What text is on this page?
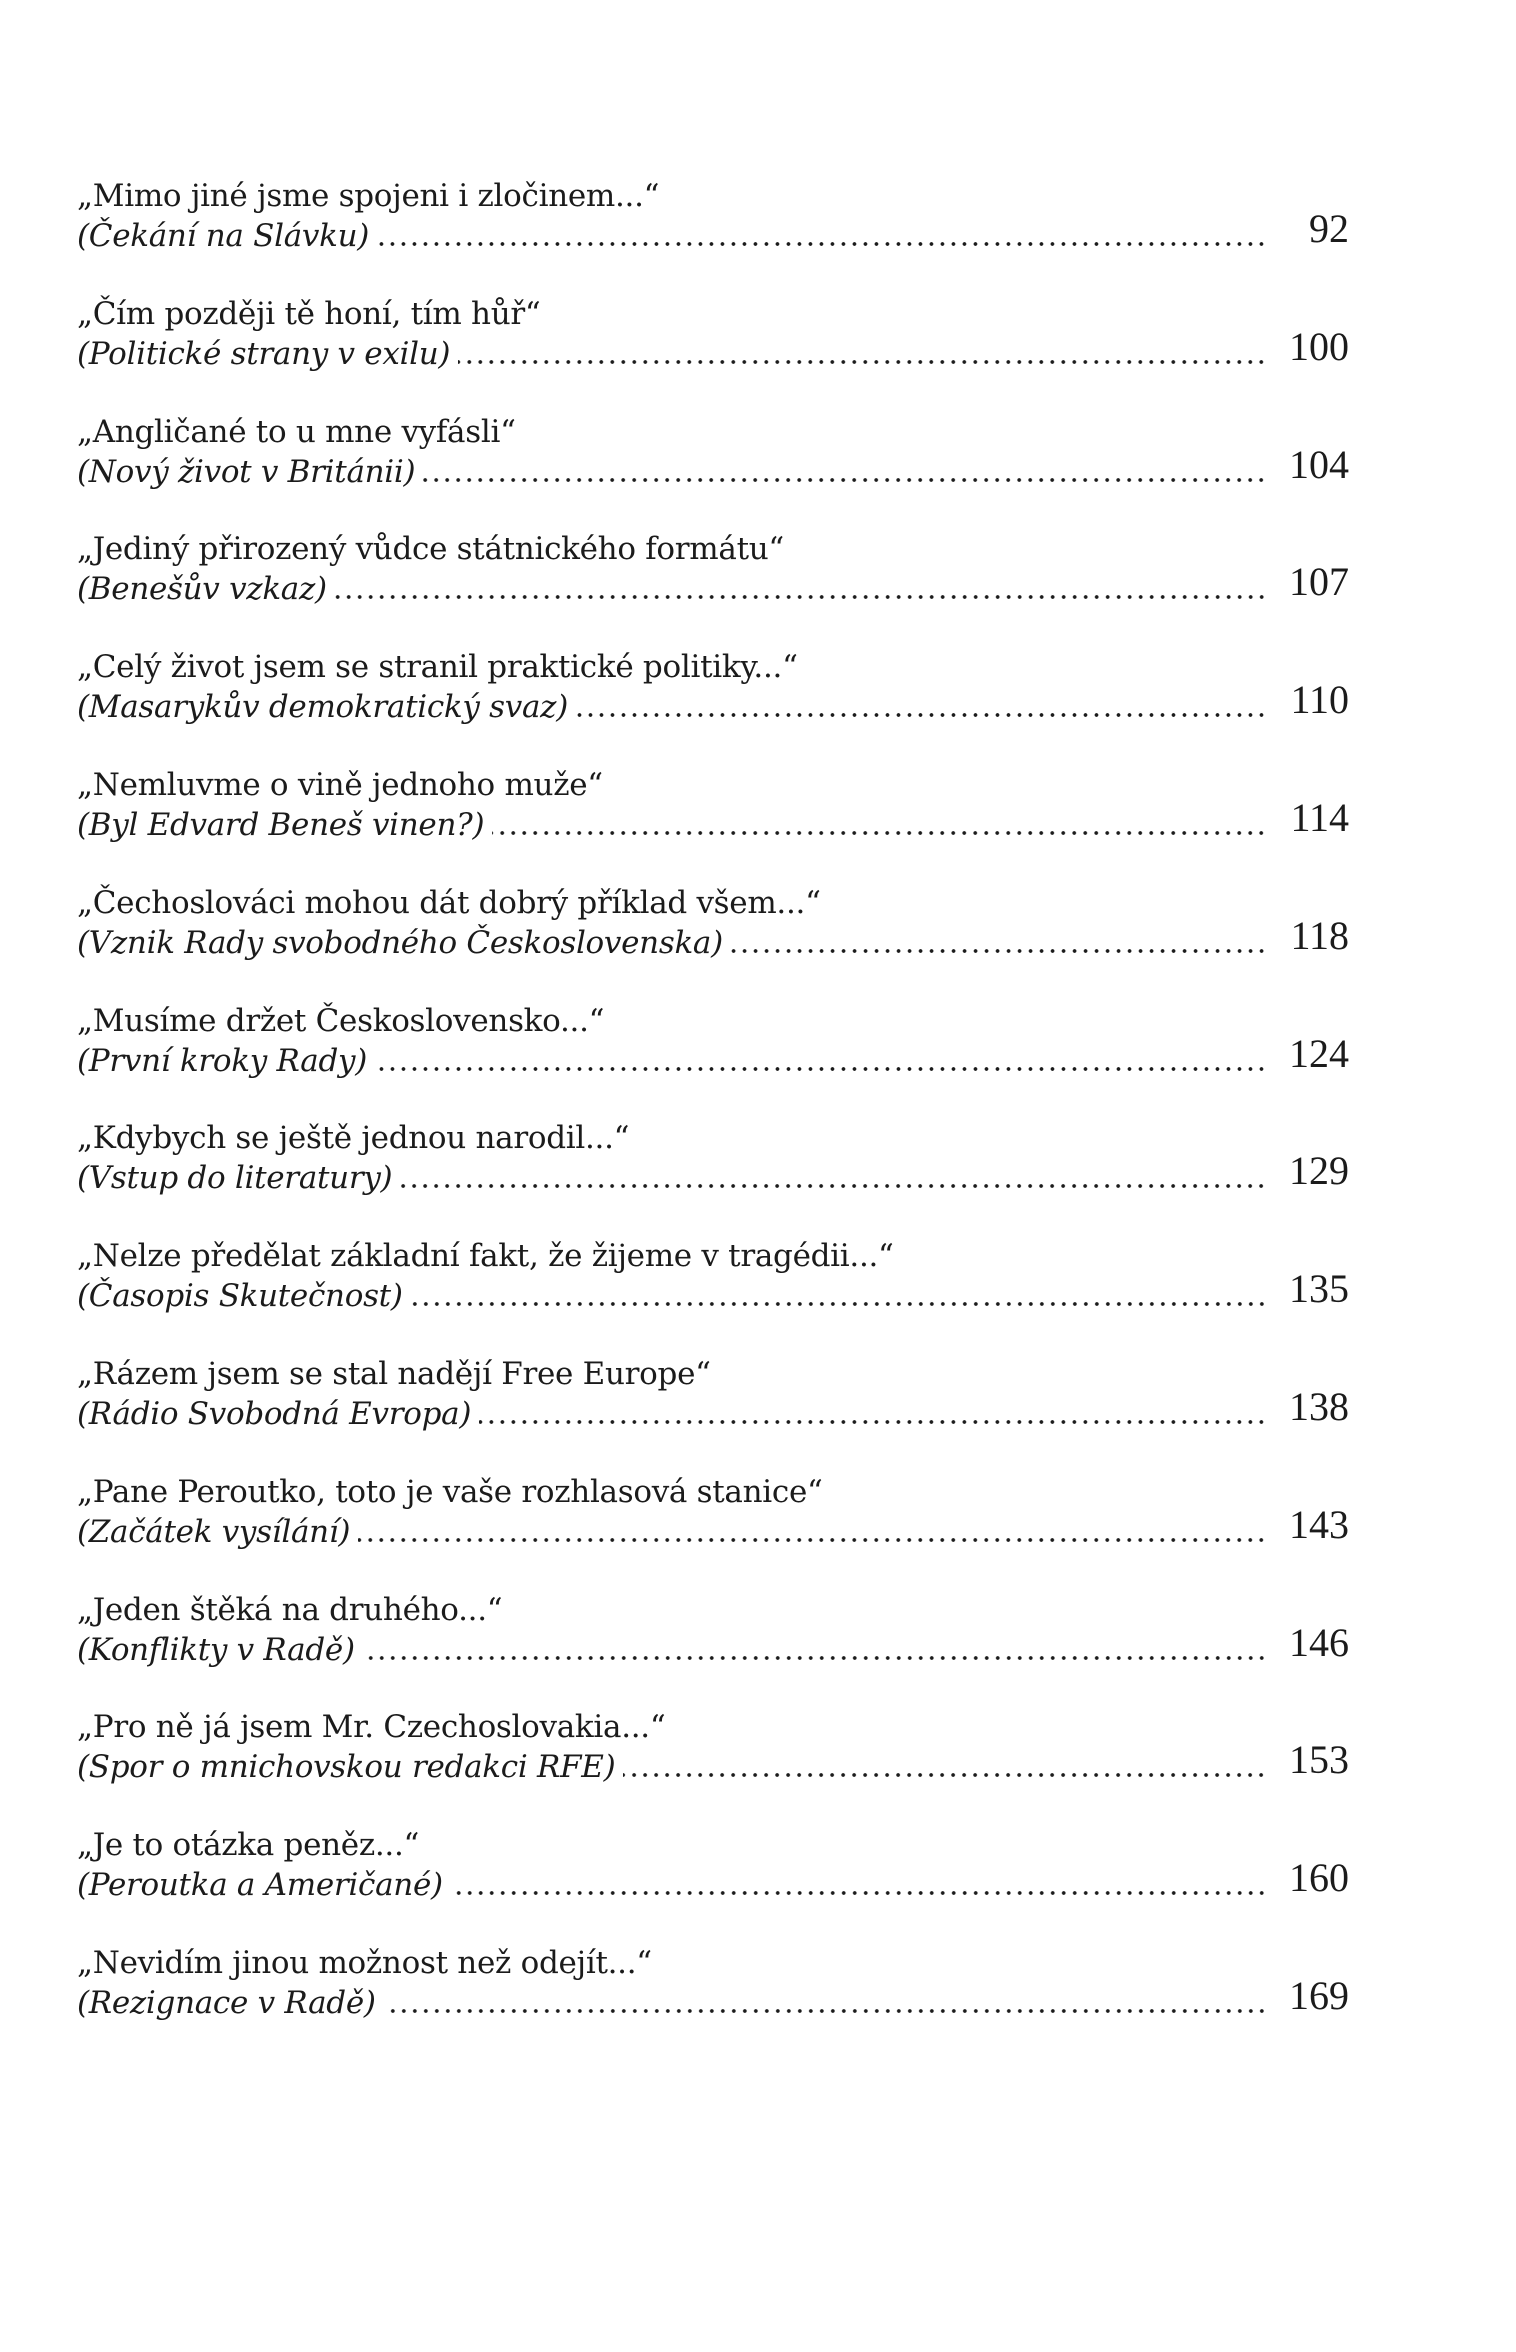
„Mimo jiné jsme spojeni i zločinem...“
(Čekání na Slávku)	92
„Čím později tě honí, tím hůř“
(Politické strany v exilu)	100
„Angličané to u mne vyfásli“
(Nový život v Británii)	104
„Jediný přirozený vůdce státnického formátu“
(Benešův vzkaz)	107
„Celý život jsem se stranil praktické politiky...“
(Masarykův demokratický svaz)	110
„Nemluvme o vině jednoho muže“
(Byl Edvard Beneš vinen?)	114
„Čechoslováci mohou dát dobrý příklad všem...“
(Vznik Rady svobodného Československa)	118
„Musíme držet Československo...“
(První kroky Rady)	124
„Kdybych se ještě jednou narodil...“
(Vstup do literatury)	129
„Nelze předělat základní fakt, že žijeme v tragédii...“
(Časopis Skutečnost)	135
„Rázem jsem se stal nadějí Free Europe“
(Rádio Svobodná Evropa)	138
„Pane Peroutko, toto je vaše rozhlasová stanice“
(Začátek vysílání)	143
„Jeden štěká na druhého...“
(Konflikty v Radě)	146
„Pro ně já jsem Mr. Czechoslovakia...“
(Spor o mnichovskou redakci RFE)	153
„Je to otázka peněz...“
(Peroutka a Američané)	160
„Nevidím jinou možnost než odejít...“
(Rezignace v Radě)	169
